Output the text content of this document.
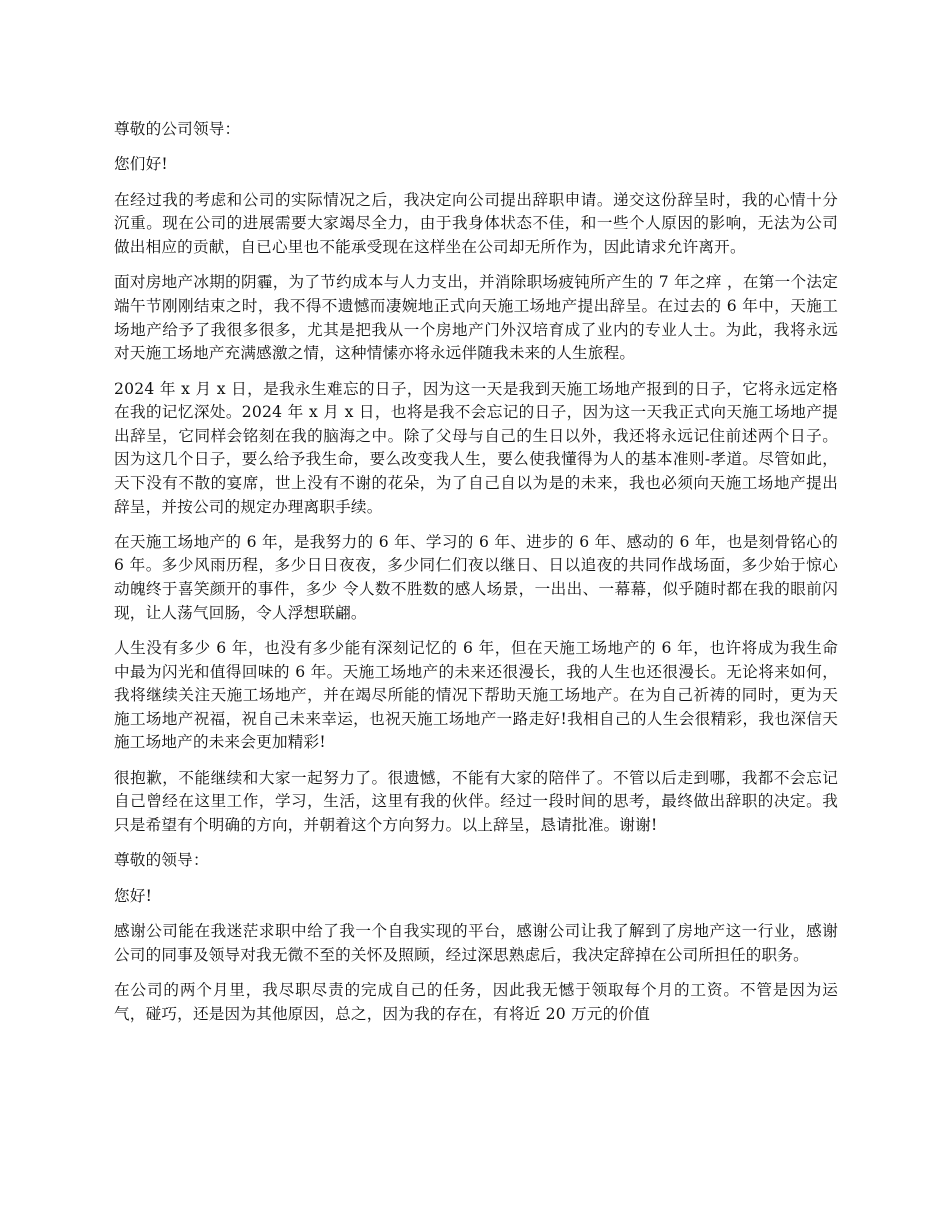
尊敬的公司领导：

您们好!

在经过我的考虑和公司的实际情况之后，我决定向公司提出辞职申请。递交这份辞呈时，我的心情十分沉重。现在公司的进展需要大家竭尽全力，由于我身体状态不佳，和一些个人原因的影响，无法为公司做出相应的贡献，自已心里也不能承受现在这样坐在公司却无所作为，因此请求允许离开。

面对房地产冰期的阴霾，为了节约成本与人力支出，并消除职场疲钝所产生的 7 年之痒 ，在第一个法定端午节刚刚结束之时，我不得不遗憾而凄婉地正式向天施工场地产提出辞呈。在过去的 6 年中，天施工场地产给予了我很多很多，尤其是把我从一个房地产门外汉培育成了业内的专业人士。为此，我将永远对天施工场地产充满感激之情，这种情愫亦将永远伴随我未来的人生旅程。

2024 年 x 月 x 日，是我永生难忘的日子，因为这一天是我到天施工场地产报到的日子，它将永远定格在我的记忆深处。2024 年 x 月 x 日，也将是我不会忘记的日子，因为这一天我正式向天施工场地产提出辞呈，它同样会铭刻在我的脑海之中。除了父母与自己的生日以外，我还将永远记住前述两个日子。因为这几个日子，要么给予我生命，要么改变我人生，要么使我懂得为人的基本准则-孝道。尽管如此，天下没有不散的宴席，世上没有不谢的花朵，为了自己自以为是的未来，我也必须向天施工场地产提出辞呈，并按公司的规定办理离职手续。

在天施工场地产的 6 年，是我努力的 6 年、学习的 6 年、进步的 6 年、感动的 6 年，也是刻骨铭心的 6 年。多少风雨历程，多少日日夜夜，多少同仁们夜以继日、日以追夜的共同作战场面，多少始于惊心动魄终于喜笑颜开的事件，多少 令人数不胜数的感人场景，一出出、一幕幕，似乎随时都在我的眼前闪现，让人荡气回肠，令人浮想联翩。

人生没有多少 6 年，也没有多少能有深刻记忆的 6 年，但在天施工场地产的 6 年，也许将成为我生命中最为闪光和值得回味的 6 年。天施工场地产的未来还很漫长，我的人生也还很漫长。无论将来如何，我将继续关注天施工场地产，并在竭尽所能的情况下帮助天施工场地产。在为自己祈祷的同时，更为天施工场地产祝福，祝自己未来幸运，也祝天施工场地产一路走好!我相自己的人生会很精彩，我也深信天施工场地产的未来会更加精彩!

很抱歉，不能继续和大家一起努力了。很遗憾，不能有大家的陪伴了。不管以后走到哪，我都不会忘记自己曾经在这里工作，学习，生活，这里有我的伙伴。经过一段时间的思考，最终做出辞职的决定。我只是希望有个明确的方向，并朝着这个方向努力。以上辞呈，恳请批准。谢谢!

尊敬的领导：

您好!

感谢公司能在我迷茫求职中给了我一个自我实现的平台，感谢公司让我了解到了房地产这一行业，感谢公司的同事及领导对我无微不至的关怀及照顾，经过深思熟虑后，我决定辞掉在公司所担任的职务。

在公司的两个月里，我尽职尽责的完成自己的任务，因此我无憾于领取每个月的工资。不管是因为运气，碰巧，还是因为其他原因，总之，因为我的存在，有将近 20 万元的价值
